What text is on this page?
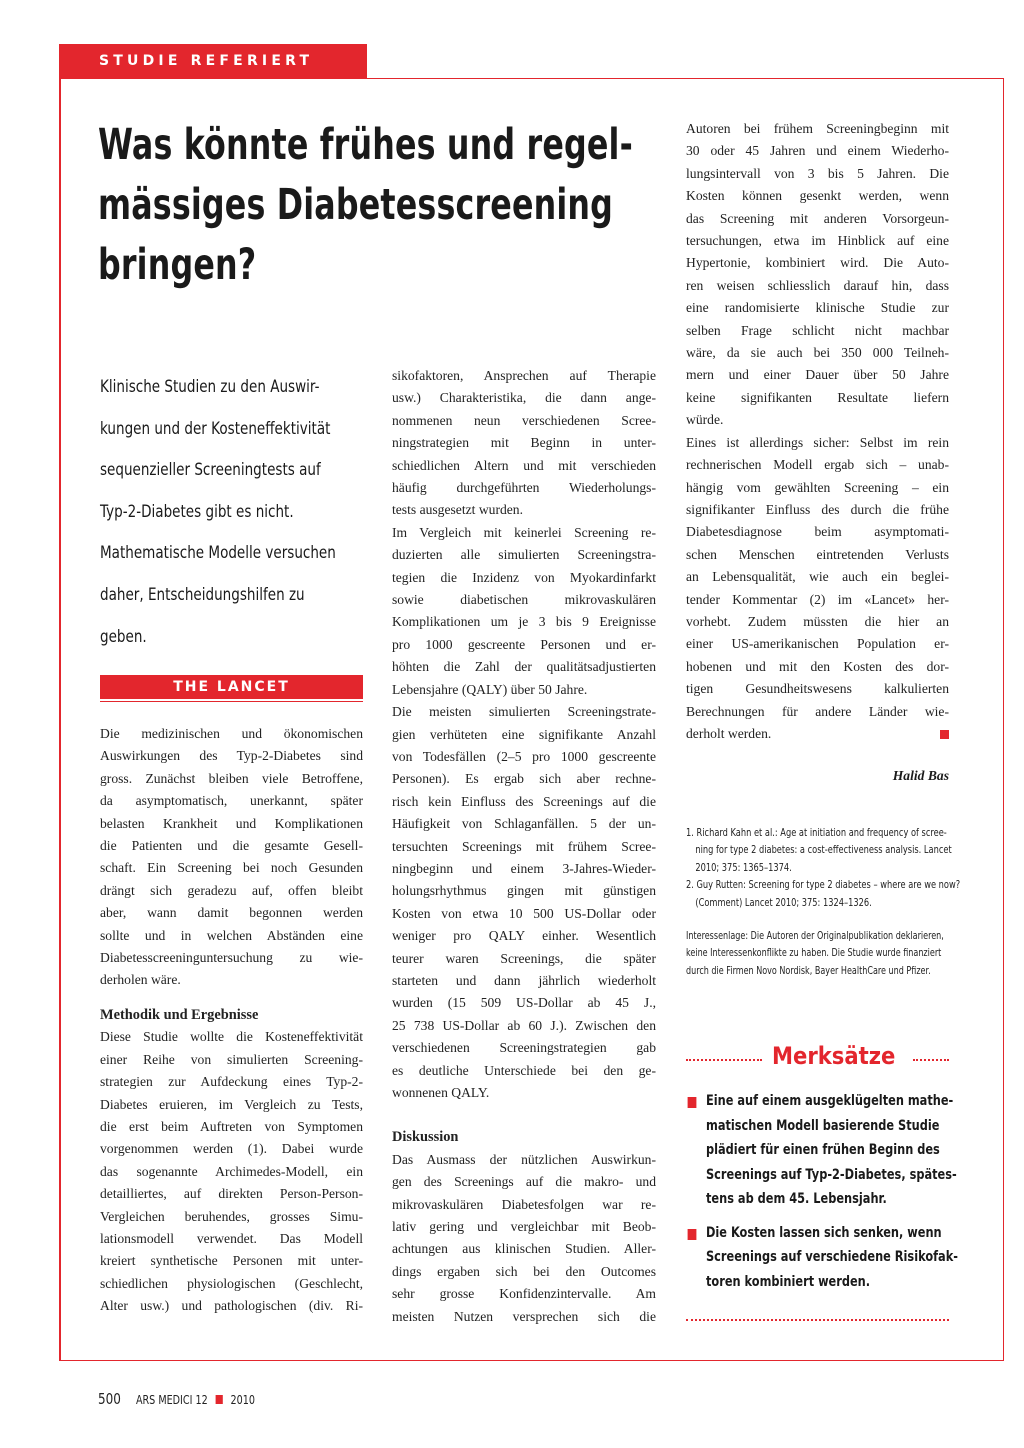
STUDIE REFERIERT
Was könnte frühes und regel-
mässiges Diabetesscreening
bringen?
Klinische Studien zu den Auswir-
kungen und der Kosteneffektivität
sequenzieller Screeningtests auf
Typ-2-Diabetes gibt es nicht.
Mathematische Modelle versuchen
daher, Entscheidungshilfen zu
geben.
THE LANCET
Die medizinischen und ökonomischen
Auswirkungen des Typ-2-Diabetes sind
gross. Zunächst bleiben viele Betroffene,
da asymptomatisch, unerkannt, später
belasten Krankheit und Komplikationen
die Patienten und die gesamte Gesell-
schaft. Ein Screening bei noch Gesunden
drängt sich geradezu auf, offen bleibt
aber, wann damit begonnen werden
sollte und in welchen Abständen eine
Diabetesscreeninguntersuchung zu wie-
derholen wäre.
Methodik und Ergebnisse
Diese Studie wollte die Kosteneffektivität
einer Reihe von simulierten Screening-
strategien zur Aufdeckung eines Typ-2-
Diabetes eruieren, im Vergleich zu Tests,
die erst beim Auftreten von Symptomen
vorgenommen werden (1). Dabei wurde
das sogenannte Archimedes-Modell, ein
detailliertes, auf direkten Person-Person-
Vergleichen beruhendes, grosses Simu-
lationsmodell verwendet. Das Modell
kreiert synthetische Personen mit unter-
schiedlichen physiologischen (Geschlecht,
Alter usw.) und pathologischen (div. Ri-
sikofaktoren, Ansprechen auf Therapie
usw.) Charakteristika, die dann ange-
nommenen neun verschiedenen Scree-
ningstrategien mit Beginn in unter-
schiedlichen Altern und mit verschieden
häufig durchgeführten Wiederholungs-
tests ausgesetzt wurden.
Im Vergleich mit keinerlei Screening re-
duzierten alle simulierten Screeningstra-
tegien die Inzidenz von Myokardinfarkt
sowie diabetischen mikrovaskulären
Komplikationen um je 3 bis 9 Ereignisse
pro 1000 gescreente Personen und er-
höhten die Zahl der qualitätsadjustierten
Lebensjahre (QALY) über 50 Jahre.
Die meisten simulierten Screeningstrate-
gien verhüteten eine signifikante Anzahl
von Todesfällen (2–5 pro 1000 gescreente
Personen). Es ergab sich aber rechne-
risch kein Einfluss des Screenings auf die
Häufigkeit von Schlaganfällen. 5 der un-
tersuchten Screenings mit frühem Scree-
ningbeginn und einem 3-Jahres-Wieder-
holungsrhythmus gingen mit günstigen
Kosten von etwa 10 500 US-Dollar oder
weniger pro QALY einher. Wesentlich
teurer waren Screenings, die später
starteten und dann jährlich wiederholt
wurden (15 509 US-Dollar ab 45 J.,
25 738 US-Dollar ab 60 J.). Zwischen den
verschiedenen Screeningstrategien gab
es deutliche Unterschiede bei den ge-
wonnenen QALY.
Diskussion
Das Ausmass der nützlichen Auswirkun-
gen des Screenings auf die makro- und
mikrovaskulären Diabetesfolgen war re-
lativ gering und vergleichbar mit Beob-
achtungen aus klinischen Studien. Aller-
dings ergaben sich bei den Outcomes
sehr grosse Konfidenzintervalle. Am
meisten Nutzen versprechen sich die
Autoren bei frühem Screeningbeginn mit
30 oder 45 Jahren und einem Wiederho-
lungsintervall von 3 bis 5 Jahren. Die
Kosten können gesenkt werden, wenn
das Screening mit anderen Vorsorgeun-
tersuchungen, etwa im Hinblick auf eine
Hypertonie, kombiniert wird. Die Auto-
ren weisen schliesslich darauf hin, dass
eine randomisierte klinische Studie zur
selben Frage schlicht nicht machbar
wäre, da sie auch bei 350 000 Teilneh-
mern und einer Dauer über 50 Jahre
keine signifikanten Resultate liefern
würde.
Eines ist allerdings sicher: Selbst im rein
rechnerischen Modell ergab sich – unab-
hängig vom gewählten Screening – ein
signifikanter Einfluss des durch die frühe
Diabetesdiagnose beim asymptomati-
schen Menschen eintretenden Verlusts
an Lebensqualität, wie auch ein beglei-
tender Kommentar (2) im «Lancet» her-
vorhebt. Zudem müssten die hier an
einer US-amerikanischen Population er-
hobenen und mit den Kosten des dor-
tigen Gesundheitswesens kalkulierten
Berechnungen für andere Länder wie-
derholt werden.
Halid Bas
1. Richard Kahn et al.: Age at initiation and frequency of scree-
ning for type 2 diabetes: a cost-effectiveness analysis. Lancet
2010; 375: 1365–1374.
2. Guy Rutten: Screening for type 2 diabetes – where are we now?
(Comment) Lancet 2010; 375: 1324–1326.
Interessenlage: Die Autoren der Originalpublikation deklarieren,
keine Interessenkonflikte zu haben. Die Studie wurde finanziert
durch die Firmen Novo Nordisk, Bayer HealthCare und Pfizer.
Merksätze
Eine auf einem ausgeklügelten mathe-
matischen Modell basierende Studie
plädiert für einen frühen Beginn des
Screenings auf Typ-2-Diabetes, spätes-
tens ab dem 45. Lebensjahr.
Die Kosten lassen sich senken, wenn
Screenings auf verschiedene Risikofak-
toren kombiniert werden.
500 ARS MEDICI 12 2010
